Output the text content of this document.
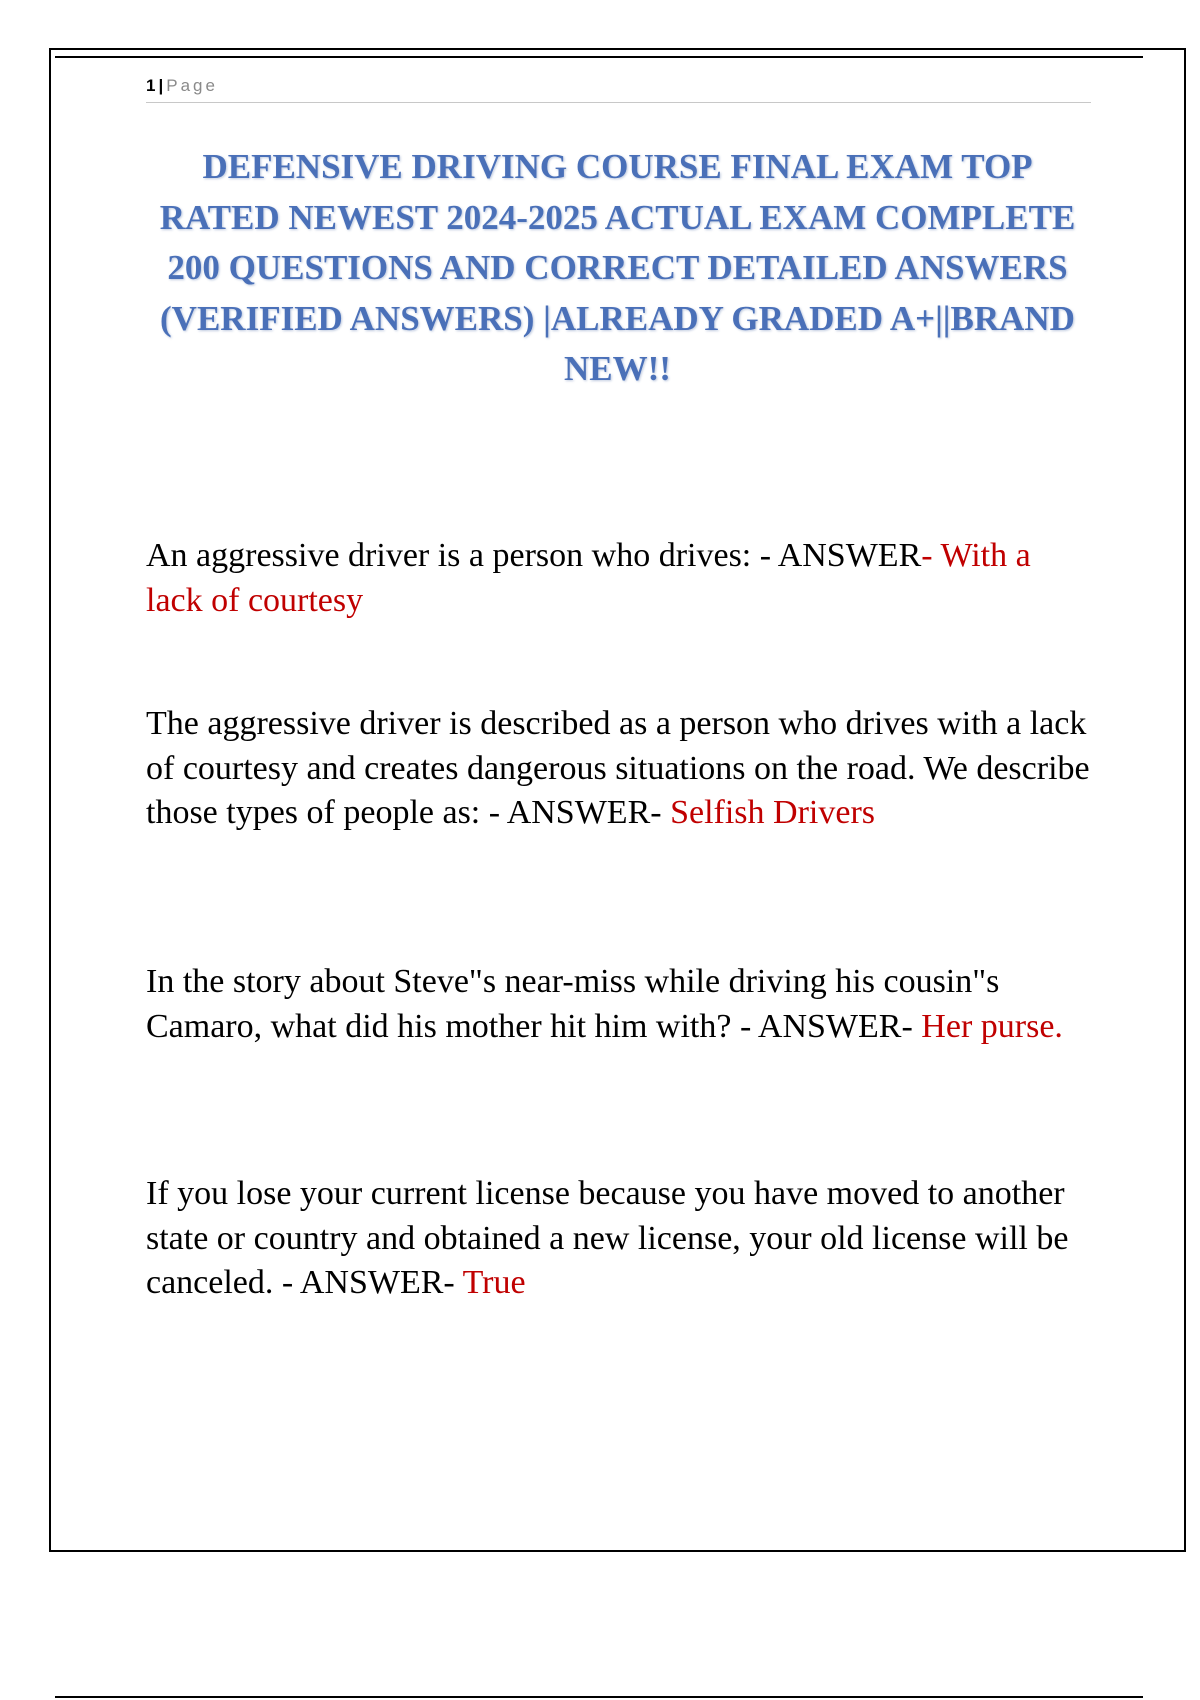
1 | Page
DEFENSIVE DRIVING COURSE FINAL EXAM TOP RATED NEWEST 2024-2025 ACTUAL EXAM COMPLETE 200 QUESTIONS AND CORRECT DETAILED ANSWERS (VERIFIED ANSWERS) |ALREADY GRADED A+||BRAND NEW!!

An aggressive driver is a person who drives: - ANSWER- With a lack of courtesy

The aggressive driver is described as a person who drives with a lack of courtesy and creates dangerous situations on the road. We describe those types of people as: - ANSWER- Selfish Drivers

In the story about Steve"s near-miss while driving his cousin"s Camaro, what did his mother hit him with? - ANSWER- Her purse.

If you lose your current license because you have moved to another state or country and obtained a new license, your old license will be canceled. - ANSWER- True
